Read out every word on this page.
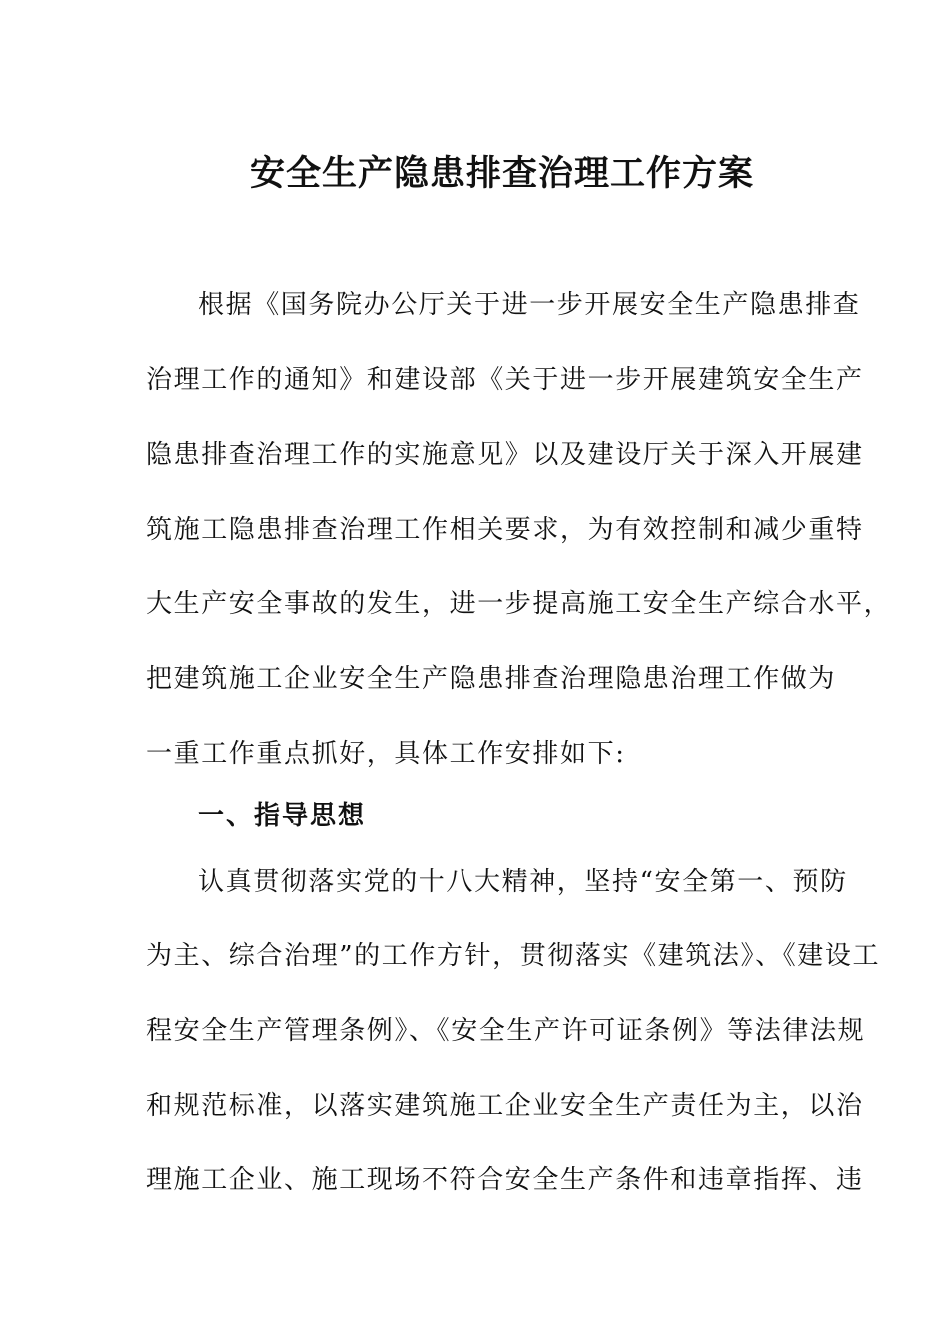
安全生产隐患排查治理工作方案
根据《国务院办公厅关于进一步开展安全生产隐患排查
治理工作的通知》和建设部《关于进一步开展建筑安全生产
隐患排查治理工作的实施意见》以及建设厅关于深入开展建
筑施工隐患排查治理工作相关要求，为有效控制和减少重特
大生产安全事故的发生，进一步提高施工安全生产综合水平，
把建筑施工企业安全生产隐患排查治理隐患治理工作做为
一重工作重点抓好，具体工作安排如下:
一、指导思想
认真贯彻落实党的十八大精神，坚持“安全第一、预防
为主、综合治理”的工作方针，贯彻落实《建筑法》、《建设工
程安全生产管理条例》、《安全生产许可证条例》等法律法规
和规范标准，以落实建筑施工企业安全生产责任为主，以治
理施工企业、施工现场不符合安全生产条件和违章指挥、违
